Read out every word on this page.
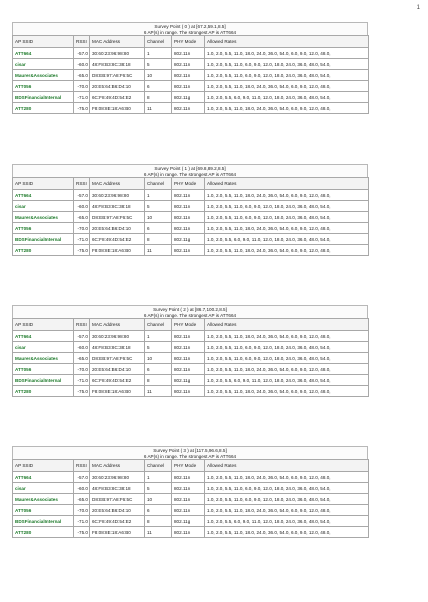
1
Survey Point ( 0 ) at [67.2,59.1,8.5]
6 AP(s) in range. The strongest AP is ATT664
AP SSID	RSSI	MAC Address	Channel	PHY Mode	Allowed Rates
ATT664	-57.0	30:60:23:96:98:80	1	802.11n	1.0, 2.0, 5.5, 11.0, 18.0, 24.0, 36.0, 54.0, 6.0, 9.0, 12.0, 48.0,
cisar	-60.0	48:F8:B3:8C:38:18	5	802.11n	1.0, 2.0, 5.5, 11.0, 6.0, 9.0, 12.0, 18.0, 24.0, 36.0, 48.0, 54.0,
Maurer&Associates	-65.0	D8:EB:97:A8:F6:5C	10	802.11n	1.0, 2.0, 5.5, 11.0, 6.0, 9.0, 12.0, 18.0, 24.0, 36.0, 48.0, 54.0,
ATT056	-70.0	20:E5:64:B6:D4:10	6	802.11n	1.0, 2.0, 5.5, 11.0, 18.0, 24.0, 36.0, 54.0, 6.0, 9.0, 12.0, 48.0,
BDSFinancialInternal	-71.0	6C:F8:49:4D:54:E2	8	802.11g	1.0, 2.0, 5.5, 6.0, 9.0, 11.0, 12.0, 18.0, 24.0, 36.0, 48.0, 54.0,
ATT280	-75.0	F8:08:8E:18:A6:B0	11	802.11n	1.0, 2.0, 5.5, 11.0, 18.0, 24.0, 36.0, 54.0, 6.0, 9.0, 12.0, 48.0,
Survey Point ( 1 ) at [69.8,89.2,8.5]
6 AP(s) in range. The strongest AP is ATT664
AP SSID	RSSI	MAC Address	Channel	PHY Mode	Allowed Rates
ATT664	-57.0	30:60:23:96:98:80	1	802.11n	1.0, 2.0, 5.5, 11.0, 18.0, 24.0, 36.0, 54.0, 6.0, 9.0, 12.0, 48.0,
cisar	-60.0	48:F8:B3:8C:38:18	5	802.11n	1.0, 2.0, 5.5, 11.0, 6.0, 9.0, 12.0, 18.0, 24.0, 36.0, 48.0, 54.0,
Maurer&Associates	-65.0	D8:EB:97:A8:F6:5C	10	802.11n	1.0, 2.0, 5.5, 11.0, 6.0, 9.0, 12.0, 18.0, 24.0, 36.0, 48.0, 54.0,
ATT056	-70.0	20:E5:64:B6:D4:10	6	802.11n	1.0, 2.0, 5.5, 11.0, 18.0, 24.0, 36.0, 54.0, 6.0, 9.0, 12.0, 48.0,
BDSFinancialInternal	-71.0	6C:F8:49:4D:54:E2	8	802.11g	1.0, 2.0, 5.5, 6.0, 9.0, 11.0, 12.0, 18.0, 24.0, 36.0, 48.0, 54.0,
ATT280	-75.0	F8:08:8E:18:A6:B0	11	802.11n	1.0, 2.0, 5.5, 11.0, 18.0, 24.0, 36.0, 54.0, 6.0, 9.0, 12.0, 48.0,
Survey Point ( 2 ) at [86.7,100.2,8.5]
6 AP(s) in range. The strongest AP is ATT664
AP SSID	RSSI	MAC Address	Channel	PHY Mode	Allowed Rates
ATT664	-57.0	30:60:23:96:98:80	1	802.11n	1.0, 2.0, 5.5, 11.0, 18.0, 24.0, 36.0, 54.0, 6.0, 9.0, 12.0, 48.0,
cisar	-60.0	48:F8:B3:8C:38:18	5	802.11n	1.0, 2.0, 5.5, 11.0, 6.0, 9.0, 12.0, 18.0, 24.0, 36.0, 48.0, 54.0,
Maurer&Associates	-65.0	D8:EB:97:A8:F6:5C	10	802.11n	1.0, 2.0, 5.5, 11.0, 6.0, 9.0, 12.0, 18.0, 24.0, 36.0, 48.0, 54.0,
ATT056	-70.0	20:E5:64:B6:D4:10	6	802.11n	1.0, 2.0, 5.5, 11.0, 18.0, 24.0, 36.0, 54.0, 6.0, 9.0, 12.0, 48.0,
BDSFinancialInternal	-71.0	6C:F8:49:4D:54:E2	8	802.11g	1.0, 2.0, 5.5, 6.0, 9.0, 11.0, 12.0, 18.0, 24.0, 36.0, 48.0, 54.0,
ATT280	-75.0	F8:08:8E:18:A6:B0	11	802.11n	1.0, 2.0, 5.5, 11.0, 18.0, 24.0, 36.0, 54.0, 6.0, 9.0, 12.0, 48.0,
Survey Point ( 3 ) at [117.5,96.6,8.5]
6 AP(s) in range. The strongest AP is ATT664
AP SSID	RSSI	MAC Address	Channel	PHY Mode	Allowed Rates
ATT664	-57.0	30:60:23:96:98:80	1	802.11n	1.0, 2.0, 5.5, 11.0, 18.0, 24.0, 36.0, 54.0, 6.0, 9.0, 12.0, 48.0,
cisar	-60.0	48:F8:B3:8C:38:18	5	802.11n	1.0, 2.0, 5.5, 11.0, 6.0, 9.0, 12.0, 18.0, 24.0, 36.0, 48.0, 54.0,
Maurer&Associates	-65.0	D8:EB:97:A8:F6:5C	10	802.11n	1.0, 2.0, 5.5, 11.0, 6.0, 9.0, 12.0, 18.0, 24.0, 36.0, 48.0, 54.0,
ATT056	-70.0	20:E5:64:B6:D4:10	6	802.11n	1.0, 2.0, 5.5, 11.0, 18.0, 24.0, 36.0, 54.0, 6.0, 9.0, 12.0, 48.0,
BDSFinancialInternal	-71.0	6C:F8:49:4D:54:E2	8	802.11g	1.0, 2.0, 5.5, 6.0, 9.0, 11.0, 12.0, 18.0, 24.0, 36.0, 48.0, 54.0,
ATT280	-75.0	F8:08:8E:18:A6:B0	11	802.11n	1.0, 2.0, 5.5, 11.0, 18.0, 24.0, 36.0, 54.0, 6.0, 9.0, 12.0, 48.0,
